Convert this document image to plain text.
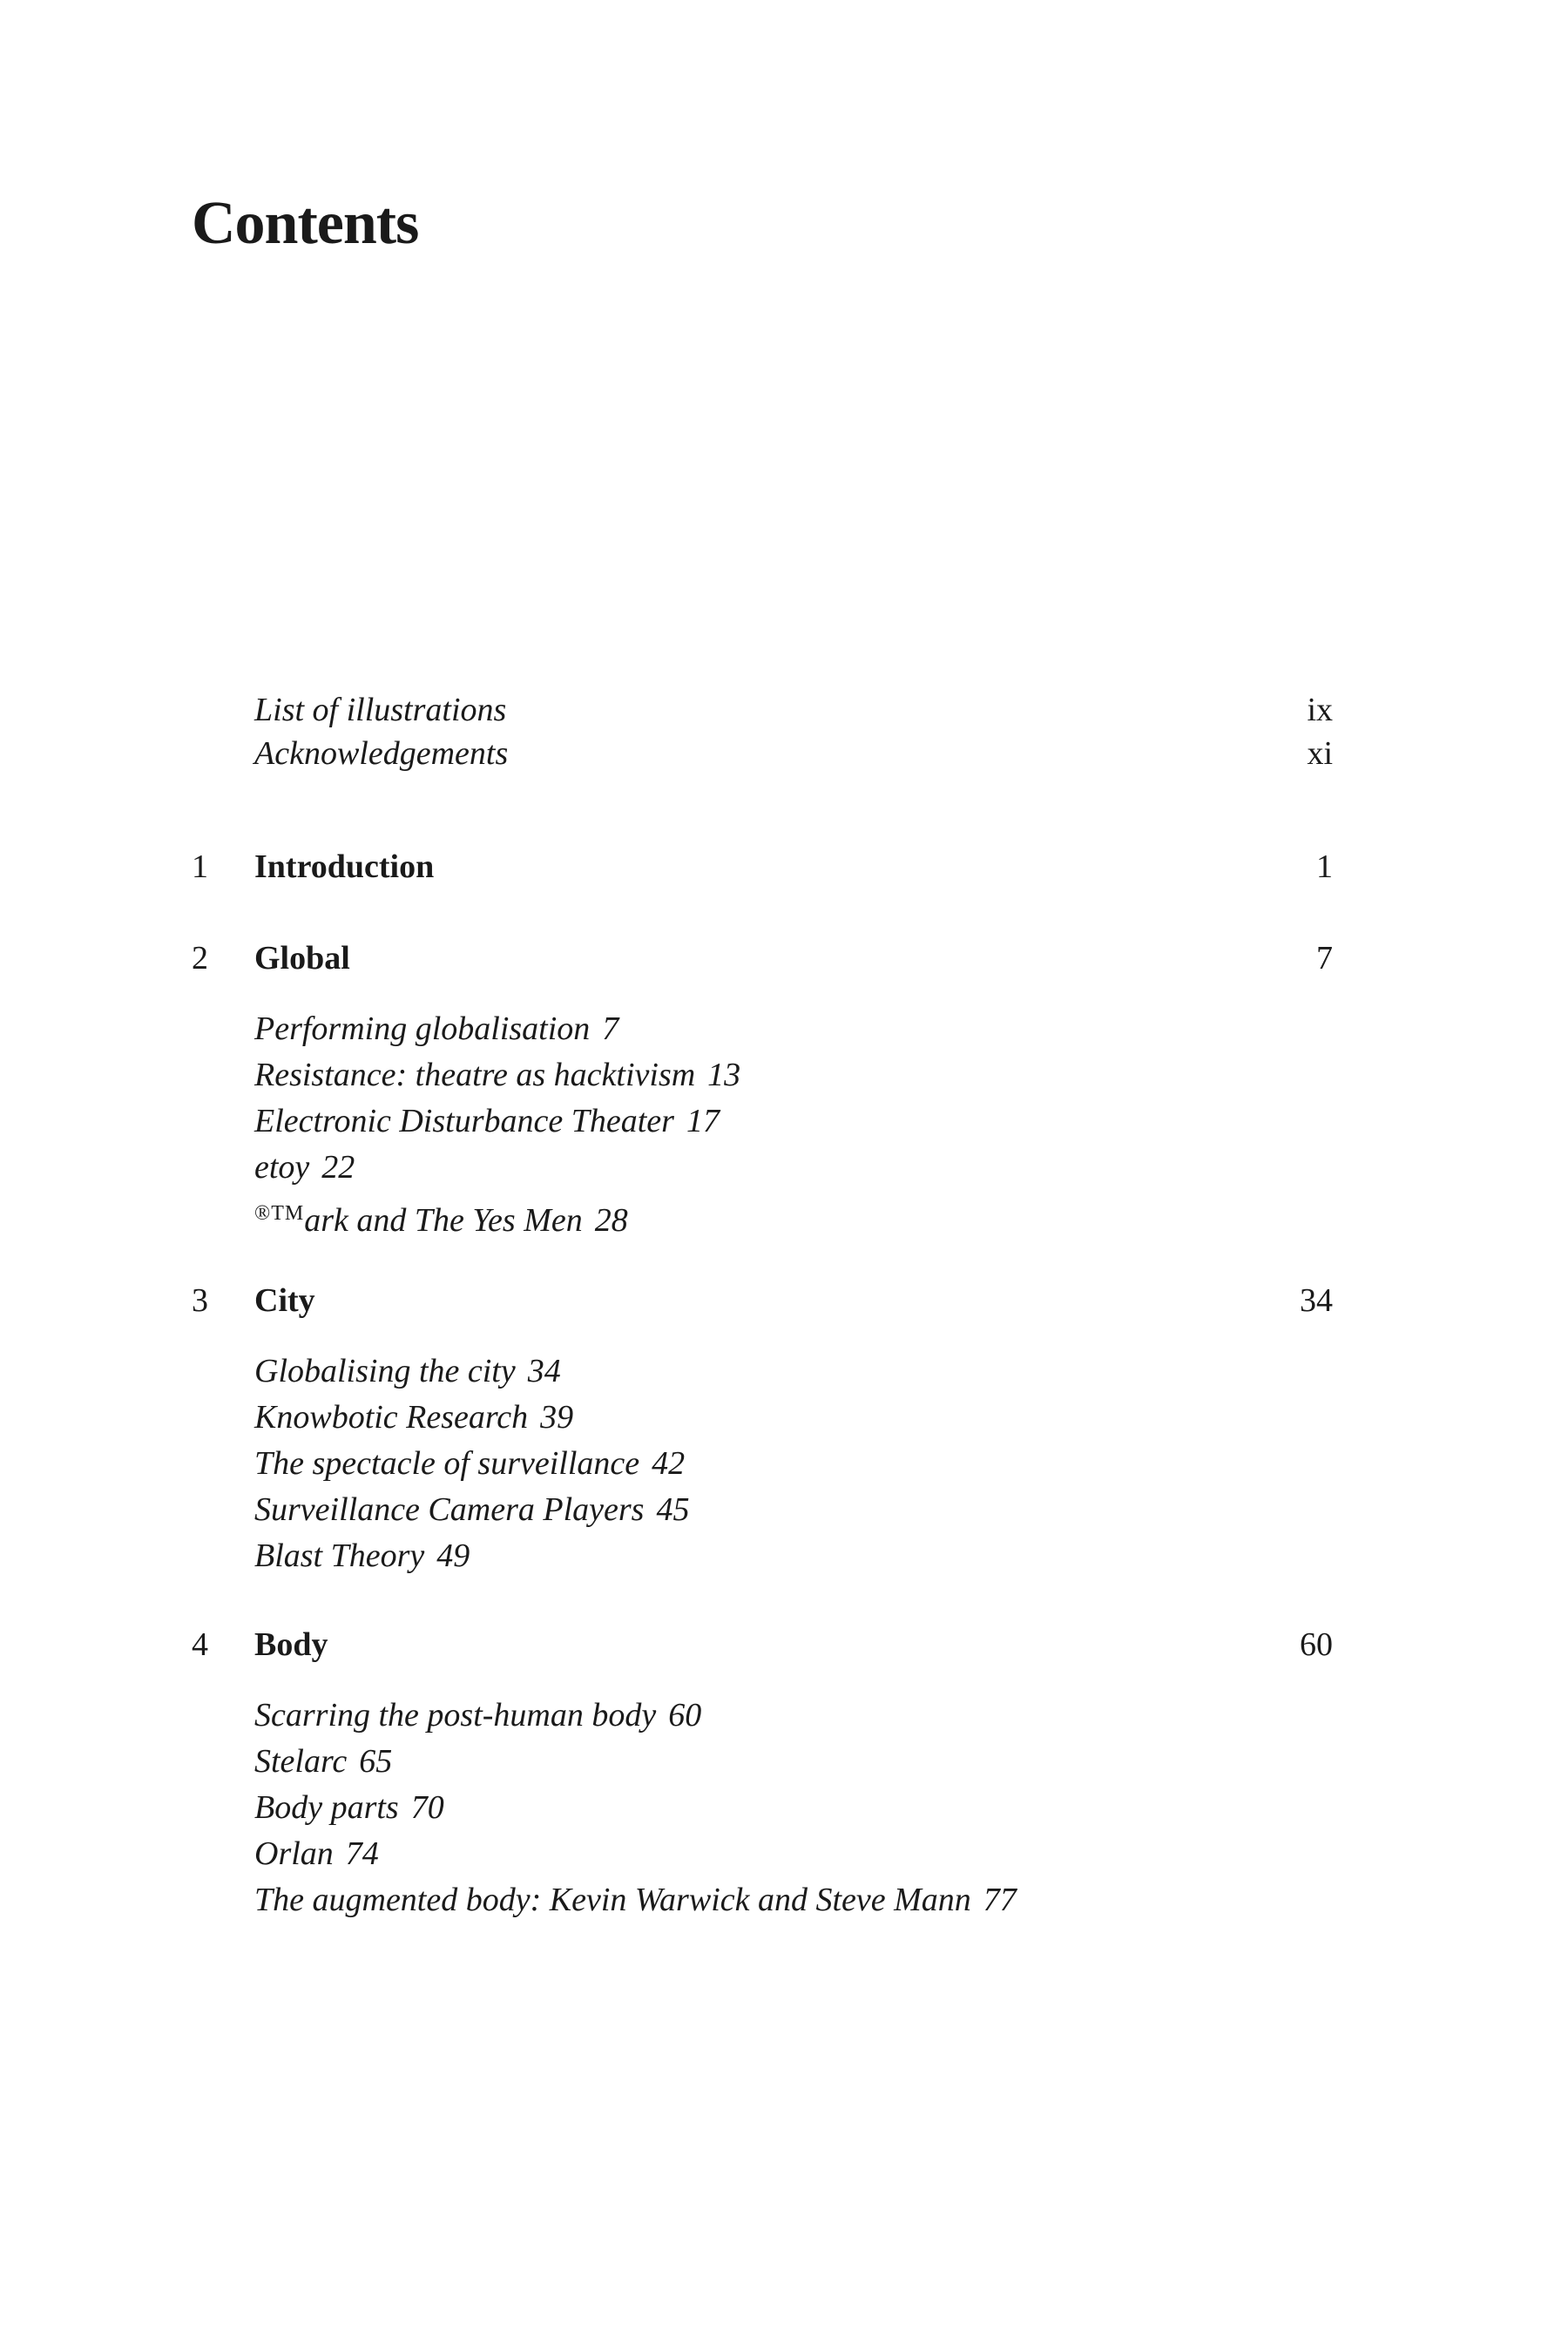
Contents
List of illustrations	ix
Acknowledgements	xi
1 Introduction	1
2 Global	7
Performing globalisation 7
Resistance: theatre as hacktivism 13
Electronic Disturbance Theater 17
etoy 22
$^{®TM}$ark and The Yes Men 28
3 City	34
Globalising the city 34
Knowbotic Research 39
The spectacle of surveillance 42
Surveillance Camera Players 45
Blast Theory 49
4 Body	60
Scarring the post-human body 60
Stelarc 65
Body parts 70
Orlan 74
The augmented body: Kevin Warwick and Steve Mann 77
